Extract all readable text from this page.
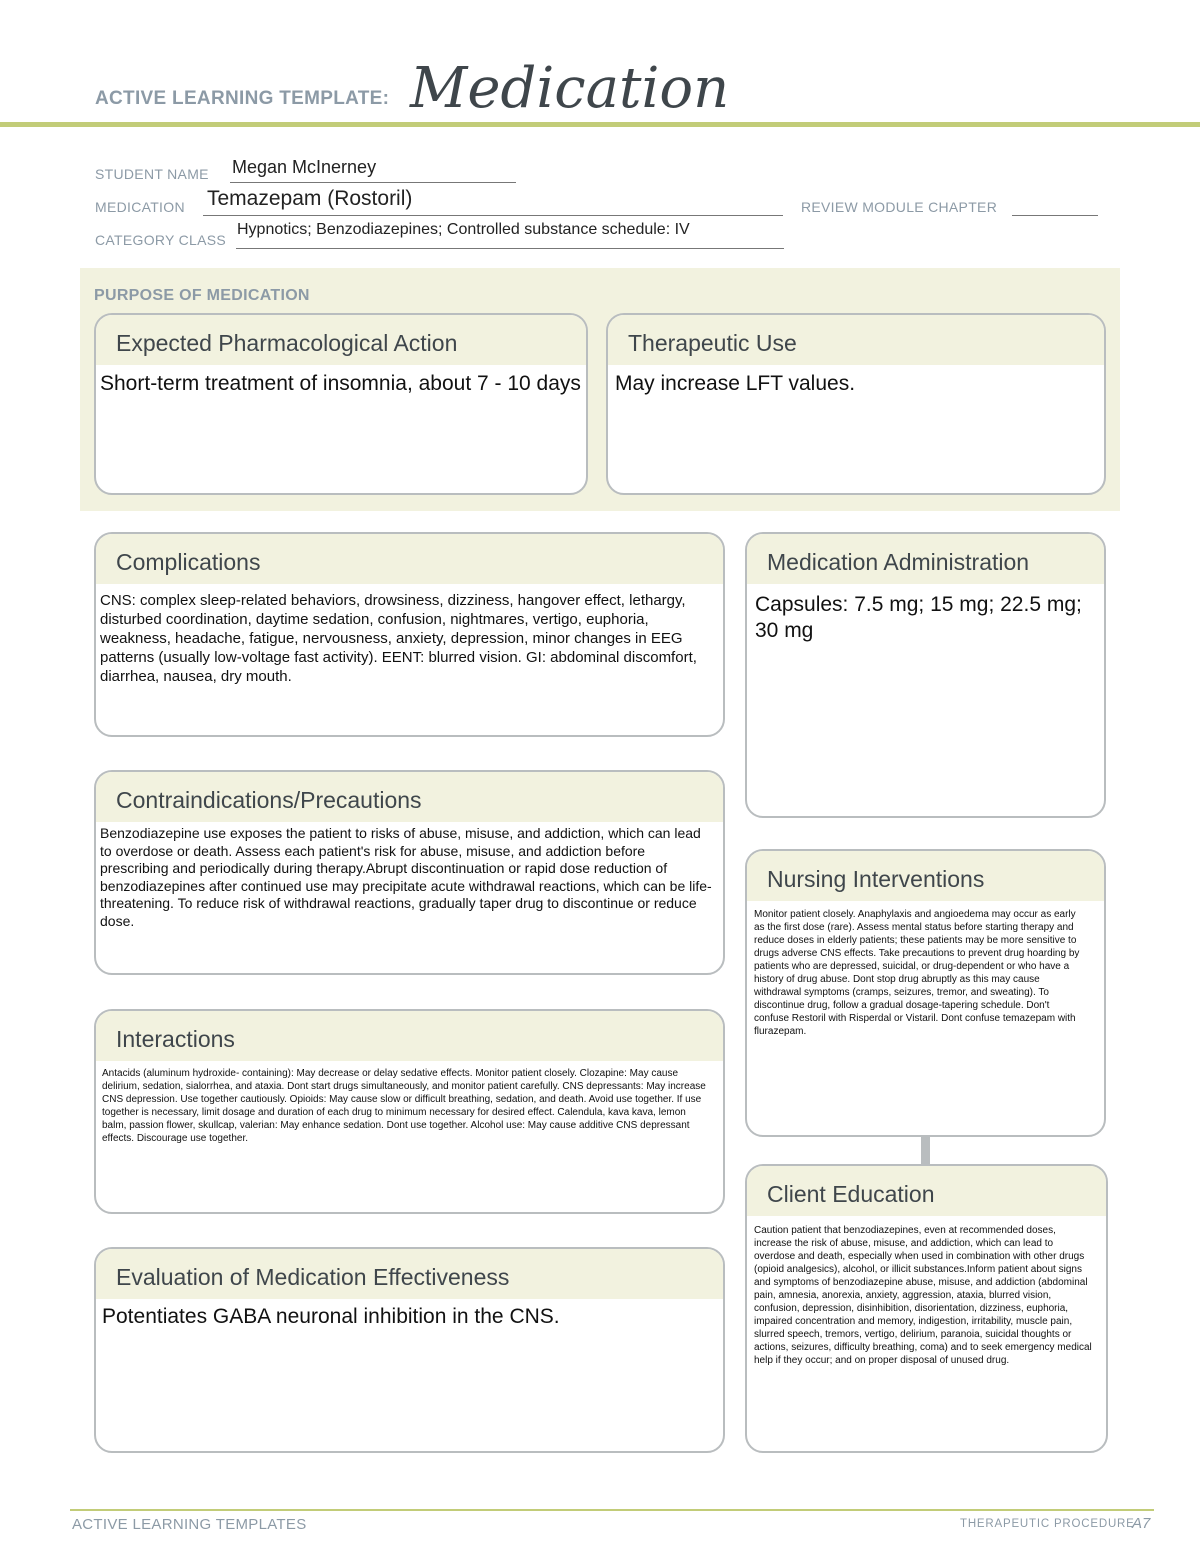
ACTIVE LEARNING TEMPLATE: Medication
STUDENT NAME Megan McInerney
MEDICATION Temazepam (Rostoril)	REVIEW MODULE CHAPTER
CATEGORY CLASS
Hypnotics; Benzodiazepines; Controlled substance schedule: IV
PURPOSE OF MEDICATION
Expected Pharmacological Action
Short-term treatment of insomnia, about 7 - 10 days
Therapeutic Use
May increase LFT values.
Complications
CNS: complex sleep-related behaviors, drowsiness, dizziness, hangover effect, lethargy, disturbed coordination, daytime sedation, confusion, nightmares, vertigo, euphoria, weakness, headache, fatigue, nervousness, anxiety, depression, minor changes in EEG patterns (usually low-voltage fast activity). EENT: blurred vision. GI: abdominal discomfort, diarrhea, nausea, dry mouth.
Medication Administration
Capsules: 7.5 mg; 15 mg; 22.5 mg; 30 mg
Contraindications/Precautions
Benzodiazepine use exposes the patient to risks of abuse, misuse, and addiction, which can lead to overdose or death. Assess each patient's risk for abuse, misuse, and addiction before prescribing and periodically during therapy.Abrupt discontinuation or rapid dose reduction of benzodiazepines after continued use may precipitate acute withdrawal reactions, which can be life-threatening. To reduce risk of withdrawal reactions, gradually taper drug to discontinue or reduce dose.
Nursing Interventions
Monitor patient closely. Anaphylaxis and angioedema may occur as early as the first dose (rare). Assess mental status before starting therapy and reduce doses in elderly patients; these patients may be more sensitive to drugs adverse CNS effects. Take precautions to prevent drug hoarding by patients who are depressed, suicidal, or drug-dependent or who have a history of drug abuse. Dont stop drug abruptly as this may cause withdrawal symptoms (cramps, seizures, tremor, and sweating). To discontinue drug, follow a gradual dosage-tapering schedule. Don't confuse Restoril with Risperdal or Vistaril. Dont confuse temazepam with flurazepam.
Interactions
Antacids (aluminum hydroxide- containing): May decrease or delay sedative effects. Monitor patient closely. Clozapine: May cause delirium, sedation, sialorrhea, and ataxia. Dont start drugs simultaneously, and monitor patient carefully. CNS depressants: May increase CNS depression. Use together cautiously. Opioids: May cause slow or difficult breathing, sedation, and death. Avoid use together. If use together is necessary, limit dosage and duration of each drug to minimum necessary for desired effect. Calendula, kava kava, lemon balm, passion flower, skullcap, valerian: May enhance sedation. Dont use together. Alcohol use: May cause additive CNS depressant effects. Discourage use together.
Client Education
Caution patient that benzodiazepines, even at recommended doses, increase the risk of abuse, misuse, and addiction, which can lead to overdose and death, especially when used in combination with other drugs (opioid analgesics), alcohol, or illicit substances.Inform patient about signs and symptoms of benzodiazepine abuse, misuse, and addiction (abdominal pain, amnesia, anorexia, anxiety, aggression, ataxia, blurred vision, confusion, depression, disinhibition, disorientation, dizziness, euphoria, impaired concentration and memory, indigestion, irritability, muscle pain, slurred speech, tremors, vertigo, delirium, paranoia, suicidal thoughts or actions, seizures, difficulty breathing, coma) and to seek emergency medical help if they occur; and on proper disposal of unused drug.
Evaluation of Medication Effectiveness
Potentiates GABA neuronal inhibition in the CNS.
ACTIVE LEARNING TEMPLATES	THERAPEUTIC PROCEDURE
A7
